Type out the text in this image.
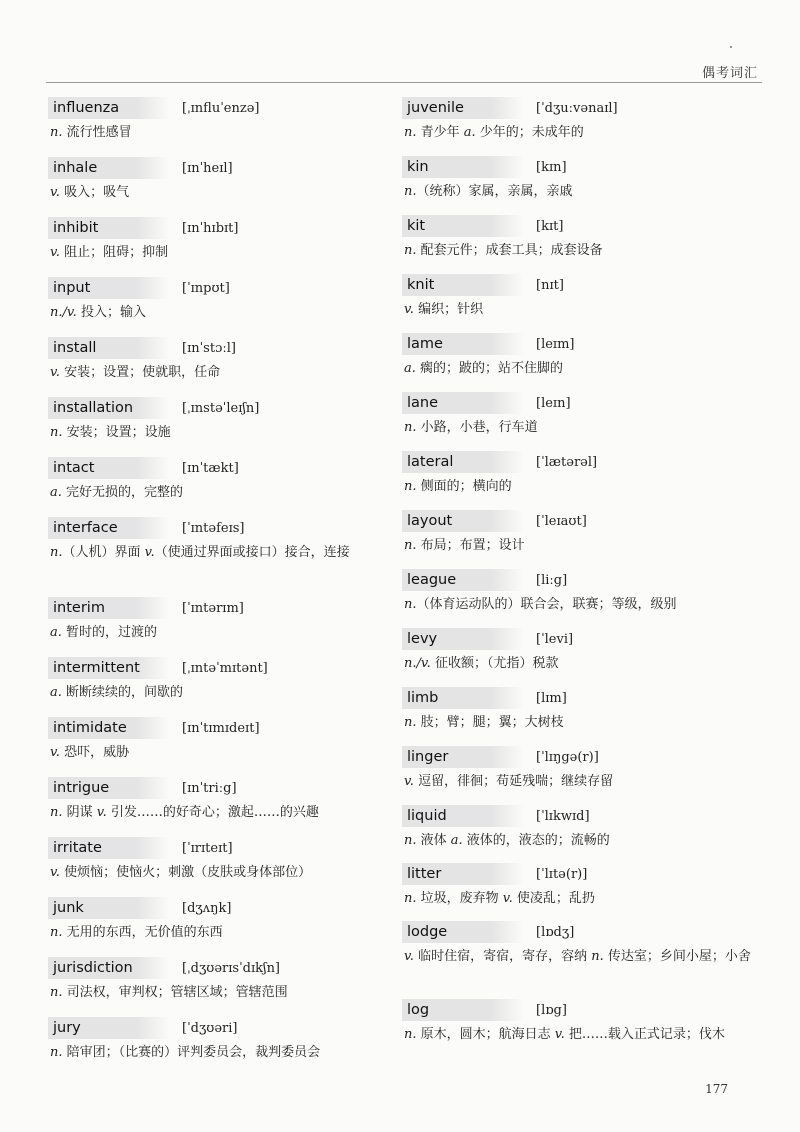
偶考词汇
influenza	[ˌɪnfluˈenzə]
n. 流行性感冒
inhale	[ɪnˈheɪl]
v. 吸入；吸气
inhibit	[ɪnˈhɪbɪt]
v. 阻止；阻碍；抑制
input	[ˈɪnpʊt]
n./v. 投入；输入
install	[ɪnˈstɔːl]
v. 安装；设置；使就职，任命
installation	[ˌɪnstəˈleɪʃn]
n. 安装；设置；设施
intact	[ɪnˈtækt]
a. 完好无损的，完整的
interface	[ˈɪntəfeɪs]
n.（人机）界面 v.（使通过界面或接口）接合，连接
interim	[ˈɪntərɪm]
a. 暂时的，过渡的
intermittent	[ˌɪntəˈmɪtənt]
a. 断断续续的，间歇的
intimidate	[ɪnˈtɪmɪdeɪt]
v. 恐吓，威胁
intrigue	[ɪnˈtriːg]
n. 阴谋 v. 引发……的好奇心；激起……的兴趣
irritate	[ˈɪrɪteɪt]
v. 使烦恼；使恼火；刺激（皮肤或身体部位）
junk	[dʒʌŋk]
n. 无用的东西，无价值的东西
jurisdiction	[ˌdʒʊərɪsˈdɪkʃn]
n. 司法权，审判权；管辖区域；管辖范围
jury	[ˈdʒʊəri]
n. 陪审团；（比赛的）评判委员会，裁判委员会
juvenile	[ˈdʒuːvənaɪl]
n. 青少年 a. 少年的；未成年的
kin	[kɪn]
n.（统称）家属，亲属，亲戚
kit	[kɪt]
n. 配套元件；成套工具；成套设备
knit	[nɪt]
v. 编织；针织
lame	[leɪm]
a. 瘸的；跛的；站不住脚的
lane	[leɪn]
n. 小路，小巷，行车道
lateral	[ˈlætərəl]
n. 侧面的；横向的
layout	[ˈleɪaʊt]
n. 布局；布置；设计
league	[liːg]
n.（体育运动队的）联合会，联赛；等级，级别
levy	[ˈlevi]
n./v. 征收额；（尤指）税款
limb	[lɪm]
n. 肢；臂；腿；翼；大树枝
linger	[ˈlɪŋgə(r)]
v. 逗留，徘徊；苟延残喘；继续存留
liquid	[ˈlɪkwɪd]
n. 液体 a. 液体的，液态的；流畅的
litter	[ˈlɪtə(r)]
n. 垃圾，废弃物 v. 使凌乱；乱扔
lodge	[lɒdʒ]
v. 临时住宿，寄宿，寄存，容纳 n. 传达室；乡间小屋；小舍
log	[lɒg]
n. 原木，圆木；航海日志 v. 把……载入正式记录；伐木
177
